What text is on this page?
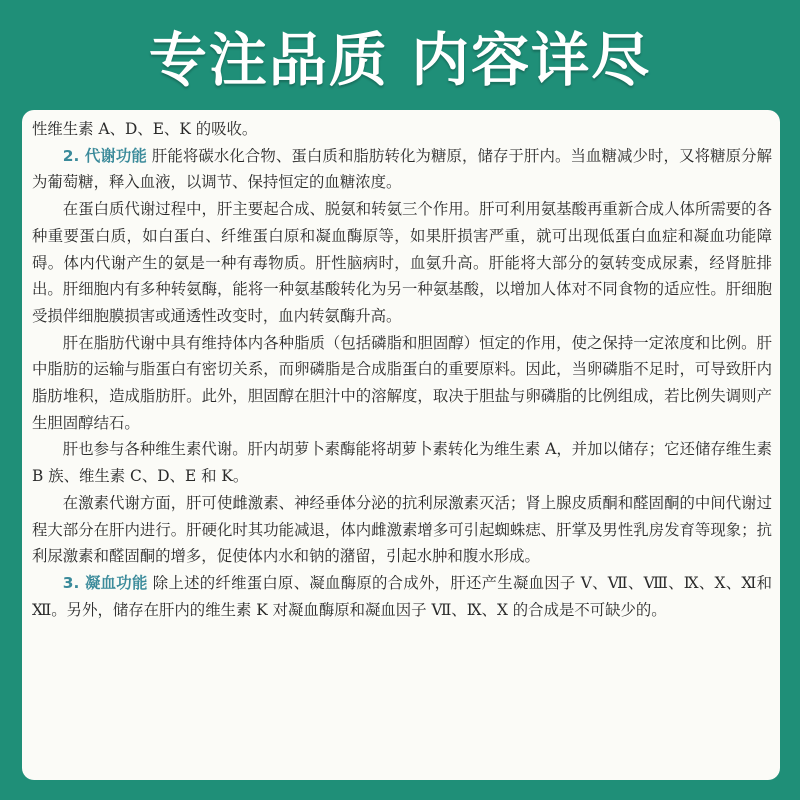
专注品质 内容详尽

性维生素 A、D、E、K 的吸收。

2. 代谢功能 肝能将碳水化合物、蛋白质和脂肪转化为糖原，储存于肝内。当血糖减少时，又将糖原分解为葡萄糖，释入血液，以调节、保持恒定的血糖浓度。

在蛋白质代谢过程中，肝主要起合成、脱氨和转氨三个作用。肝可利用氨基酸再重新合成人体所需要的各种重要蛋白质，如白蛋白、纤维蛋白原和凝血酶原等，如果肝损害严重，就可出现低蛋白血症和凝血功能障碍。体内代谢产生的氨是一种有毒物质。肝性脑病时，血氨升高。肝能将大部分的氨转变成尿素，经肾脏排出。肝细胞内有多种转氨酶，能将一种氨基酸转化为另一种氨基酸，以增加人体对不同食物的适应性。肝细胞受损伴细胞膜损害或通透性改变时，血内转氨酶升高。

肝在脂肪代谢中具有维持体内各种脂质（包括磷脂和胆固醇）恒定的作用，使之保持一定浓度和比例。肝中脂肪的运输与脂蛋白有密切关系，而卵磷脂是合成脂蛋白的重要原料。因此，当卵磷脂不足时，可导致肝内脂肪堆积，造成脂肪肝。此外，胆固醇在胆汁中的溶解度，取决于胆盐与卵磷脂的比例组成，若比例失调则产生胆固醇结石。

肝也参与各种维生素代谢。肝内胡萝卜素酶能将胡萝卜素转化为维生素 A，并加以储存；它还储存维生素 B 族、维生素 C、D、E 和 K。

在激素代谢方面，肝可使雌激素、神经垂体分泌的抗利尿激素灭活；肾上腺皮质酮和醛固酮的中间代谢过程大部分在肝内进行。肝硬化时其功能减退，体内雌激素增多可引起蜘蛛痣、肝掌及男性乳房发育等现象；抗利尿激素和醛固酮的增多，促使体内水和钠的潴留，引起水肿和腹水形成。

3. 凝血功能 除上述的纤维蛋白原、凝血酶原的合成外，肝还产生凝血因子 Ⅴ、Ⅶ、Ⅷ、Ⅸ、Ⅹ、Ⅺ和Ⅻ。另外，储存在肝内的维生素 K 对凝血酶原和凝血因子 Ⅶ、Ⅸ、Ⅹ 的合成是不可缺少的。
